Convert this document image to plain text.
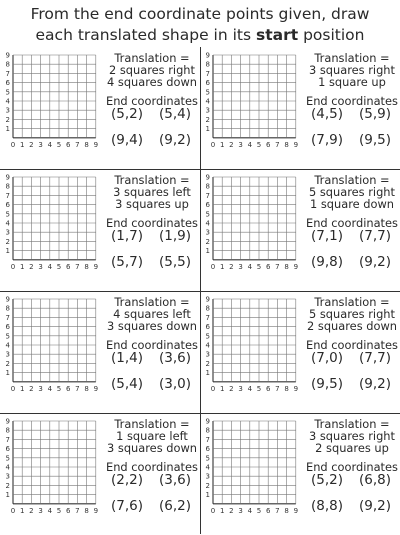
From the end coordinate points given, draw
each translated shape in its start position
0 1 2 3 4 5 6 7 8 9
1
2
3
4
5
6
7
8
9	Translation =
2 squares right
4 squares down
End coordinates
(5,2)	(5,4)
(9,4)	(9,2)	0 1 2 3 4 5 6 7 8 9
1
2
3
4
5
6
7
8
9	Translation =
3 squares right
1 square up
End coordinates
(4,5)	(5,9)
(7,9)	(9,5)
0 1 2 3 4 5 6 7 8 9
1
2
3
4
5
6
7
8
9	Translation =
3 squares left
3 squares up
End coordinates
(1,7)	(1,9)
(5,7)	(5,5)	0 1 2 3 4 5 6 7 8 9
1
2
3
4
5
6
7
8
9	Translation =
5 squares right
1 square down
End coordinates
(7,1)	(7,7)
(9,8)	(9,2)
0 1 2 3 4 5 6 7 8 9
1
2
3
4
5
6
7
8
9	Translation =
4 squares left
3 squares down
End coordinates
(1,4)	(3,6)
(5,4)	(3,0)	0 1 2 3 4 5 6 7 8 9
1
2
3
4
5
6
7
8
9	Translation =
5 squares right
2 squares down
End coordinates
(7,0)	(7,7)
(9,5)	(9,2)
0 1 2 3 4 5 6 7 8 9
1
2
3
4
5
6
7
8
9	Translation =
1 square left
3 squares down
End coordinates
(2,2)	(3,6)
(7,6)	(6,2)	0 1 2 3 4 5 6 7 8 9
1
2
3
4
5
6
7
8
9	Translation =
3 squares right
2 squares up
End coordinates
(5,2)	(6,8)
(8,8)	(9,2)
